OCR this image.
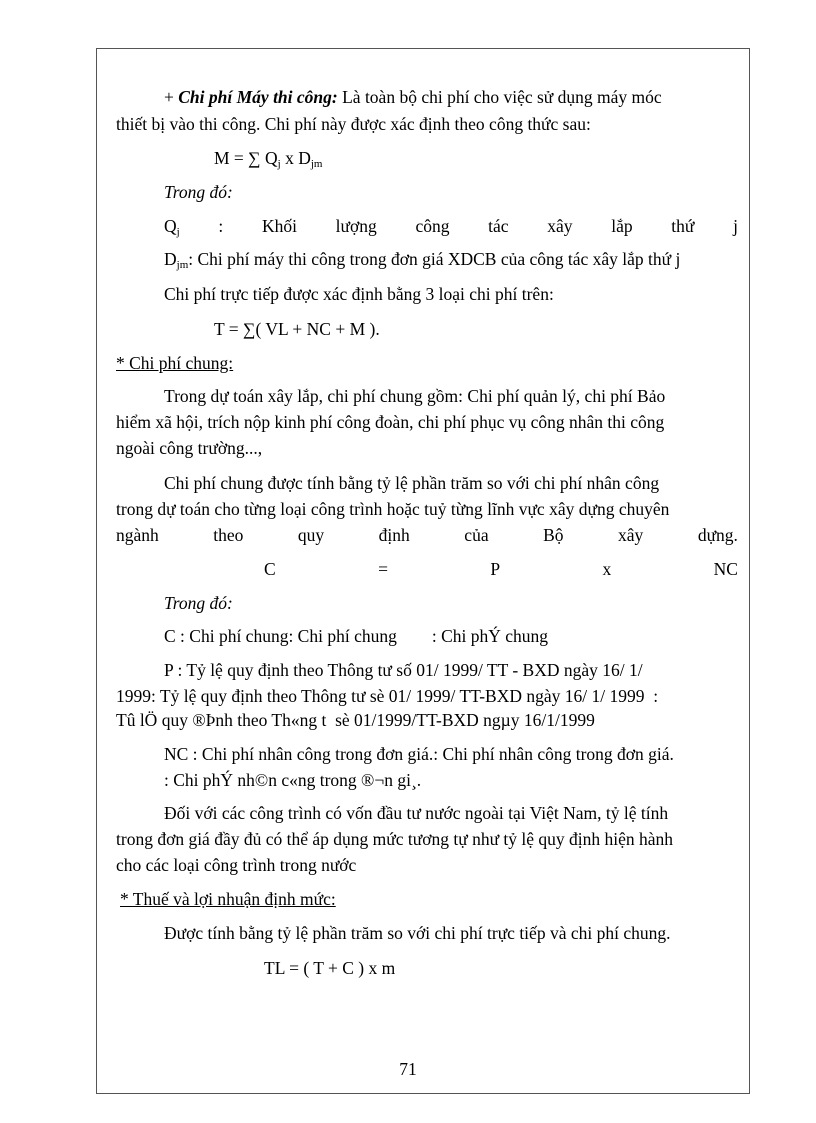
+ Chi phí Máy thi công: Là toàn bộ chi phí cho việc sử dụng máy móc
thiết bị vào thi công. Chi phí này được xác định theo công thức sau:
M = ∑ $Q_j$ x $D_{jm}$
Trong đó:
$Q_j$ : Khối lượng công tác xây lắp thứ j
$D_{jm}$: Chi phí máy thi công trong đơn giá XDCB của công tác xây lắp thứ j
Chi phí trực tiếp được xác định bằng 3 loại chi phí trên:
T = ∑( VL + NC + M ).
* Chi phí chung:
Trong dự toán xây lắp, chi phí chung gồm: Chi phí quản lý, chi phí Bảo
hiểm xã hội, trích nộp kinh phí công đoàn, chi phí phục vụ công nhân thi công
ngoài công trường...,
Chi phí chung được tính bằng tỷ lệ phần trăm so với chi phí nhân công
trong dự toán cho từng loại công trình hoặc tuỷ từng lĩnh vực xây dựng chuyên
ngành	theo	quy	định	của	Bộ	xây	dựng.
C	=	P	x	NC
Trong đó:
C : Chi phí chung: Chi phí chung        : Chi phÝ chung
P : Tỷ lệ quy định theo Thông tư số 01/ 1999/ TT - BXD ngày 16/ 1/
1999: Tỷ lệ quy định theo Thông tư sè 01/ 1999/ TT-BXD ngày 16/ 1/ 1999  :
Tû lÖ quy ®Þnh theo Th«ng t  sè 01/1999/TT-BXD ngµy 16/1/1999
NC : Chi phí nhân công trong đơn giá.: Chi phí nhân công trong đơn giá.
: Chi phÝ nh©n c«ng trong ®¬n gi¸.
Đối với các công trình có vốn đầu tư nước ngoài tại Việt Nam, tỷ lệ tính
trong đơn giá đầy đủ có thể áp dụng mức tương tự như tỷ lệ quy định hiện hành
cho các loại công trình trong nước
* Thuế và lợi nhuận định mức:
Được tính bằng tỷ lệ phần trăm so với chi phí trực tiếp và chi phí chung.
TL = ( T + C ) x m
71
